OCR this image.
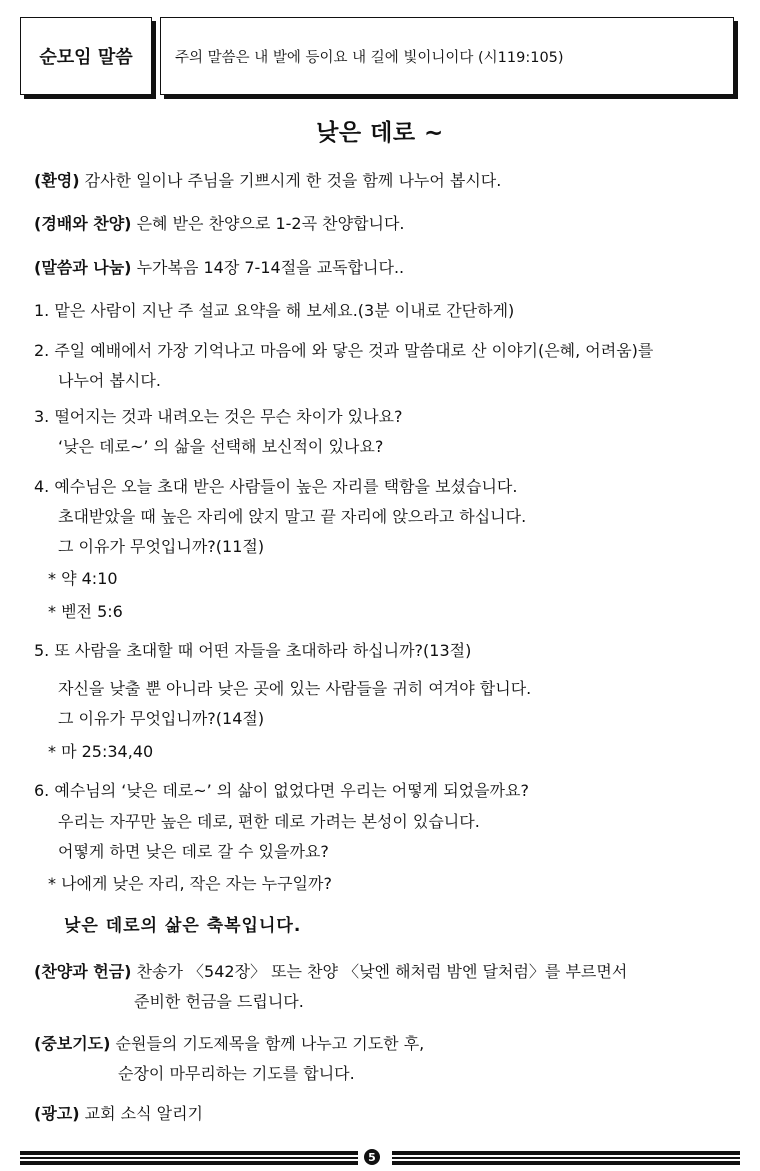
순모임 말씀	주의 말씀은 내 발에 등이요 내 길에 빛이니이다 (시119:105)
낮은 데로 ~
(환영) 감사한 일이나 주님을 기쁘시게 한 것을 함께 나누어 봅시다.
(경배와 찬양) 은혜 받은 찬양으로 1-2곡 찬양합니다.
(말씀과 나눔) 누가복음 14장 7-14절을 교독합니다..
1. 맡은 사람이 지난 주 설교 요약을 해 보세요.(3분 이내로 간단하게)
2. 주일 예배에서 가장 기억나고 마음에 와 닿은 것과 말씀대로 산 이야기(은혜, 어려움)를
나누어 봅시다.
3. 떨어지는 것과 내려오는 것은 무슨 차이가 있나요?
‘낮은 데로~’ 의 삶을 선택해 보신적이 있나요?
4. 예수님은 오늘 초대 받은 사람들이 높은 자리를 택함을 보셨습니다.
초대받았을 때 높은 자리에 앉지 말고 끝 자리에 앉으라고 하십니다.
그 이유가 무엇입니까?(11절)
* 약 4:10
* 벧전 5:6
5. 또 사람을 초대할 때 어떤 자들을 초대하라 하십니까?(13절)
자신을 낮출 뿐 아니라 낮은 곳에 있는 사람들을 귀히 여겨야 합니다.
그 이유가 무엇입니까?(14절)
* 마 25:34,40
6. 예수님의 ‘낮은 데로~’ 의 삶이 없었다면 우리는 어떻게 되었을까요?
우리는 자꾸만 높은 데로, 편한 데로 가려는 본성이 있습니다.
어떻게 하면 낮은 데로 갈 수 있을까요?
* 나에게 낮은 자리, 작은 자는 누구일까?
낮은 데로의 삶은 축복입니다.
(찬양과 헌금) 찬송가 〈542장〉 또는 찬양 〈낮엔 해처럼 밤엔 달처럼〉를 부르면서
준비한 헌금을 드립니다.
(중보기도) 순원들의 기도제목을 함께 나누고 기도한 후,
순장이 마무리하는 기도를 합니다.
(광고) 교회 소식 알리기
5
